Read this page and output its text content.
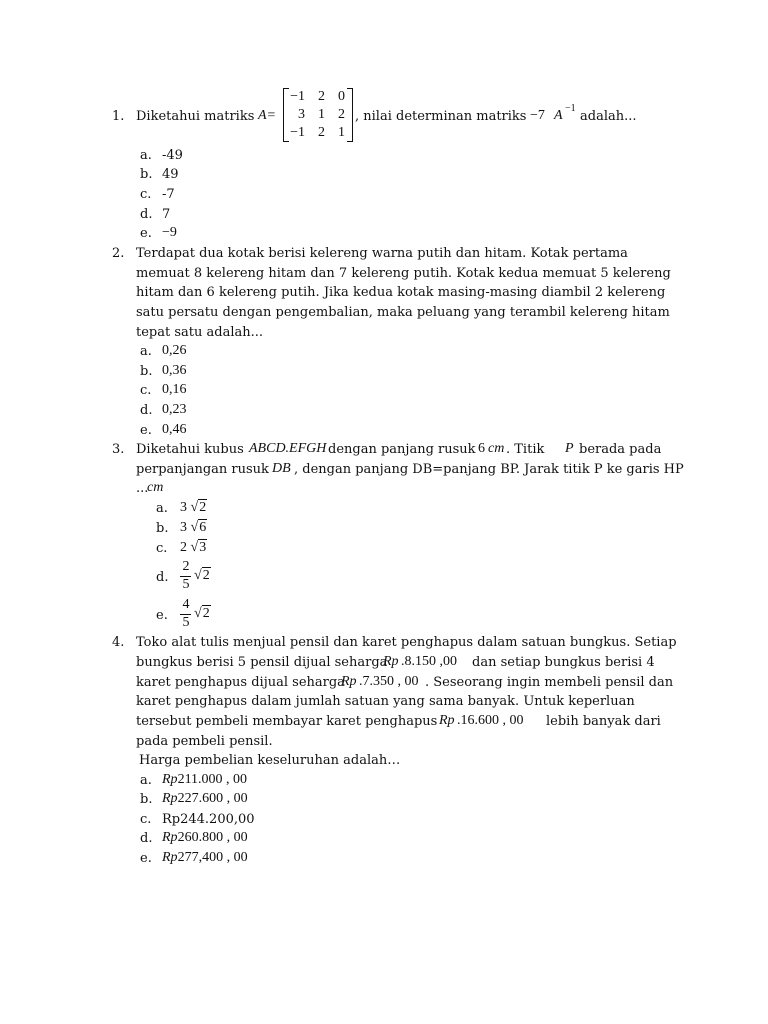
1. Diketahui matriks A=
−1 2 0
3 1 2
−1 2 1
, nilai determinan matriks −7 A −1
adalah...
a. -49
b. 49
c. -7
d. 7
e. −9
2. Terdapat dua kotak berisi kelereng warna putih dan hitam. Kotak pertama
memuat 8 kelereng hitam dan 7 kelereng putih. Kotak kedua memuat 5 kelereng
hitam dan 6 kelereng putih. Jika kedua kotak masing-masing diambil 2 kelereng
satu persatu dengan pengembalian, maka peluang yang terambil kelereng hitam
tepat satu adalah...
a. 0,26
b. 0,36
c. 0,16
d. 0,23
e. 0,46
3. Diketahui kubus ABCD.EFGH dengan panjang rusuk 6 cm . Titik P berada pada
perpanjangan rusuk DB , dengan panjang DB=panjang BP. Jarak titik P ke garis HP
...
cm
a. 3 √2
b. 3 √6
c. 2 √3
d.
2
5
√2
e.
4
5
√2
4. Toko alat tulis menjual pensil dan karet penghapus dalam satuan bungkus. Setiap
bungkus berisi 5 pensil dijual seharga
Rp .8.150 ,00 dan setiap bungkus berisi 4
karet penghapus dijual seharga
Rp .7.350 , 00 . Seseorang ingin membeli pensil dan
karet penghapus dalam jumlah satuan yang sama banyak. Untuk keperluan
tersebut pembeli membayar karet penghapus Rp .16.600 , 00 lebih banyak dari
pada pembeli pensil.
Harga pembelian keseluruhan adalah…
a. Rp211.000 , 00
b. Rp227.600 , 00
c. Rp244.200,00
d. Rp260.800 , 00
e. Rp277,400 , 00
